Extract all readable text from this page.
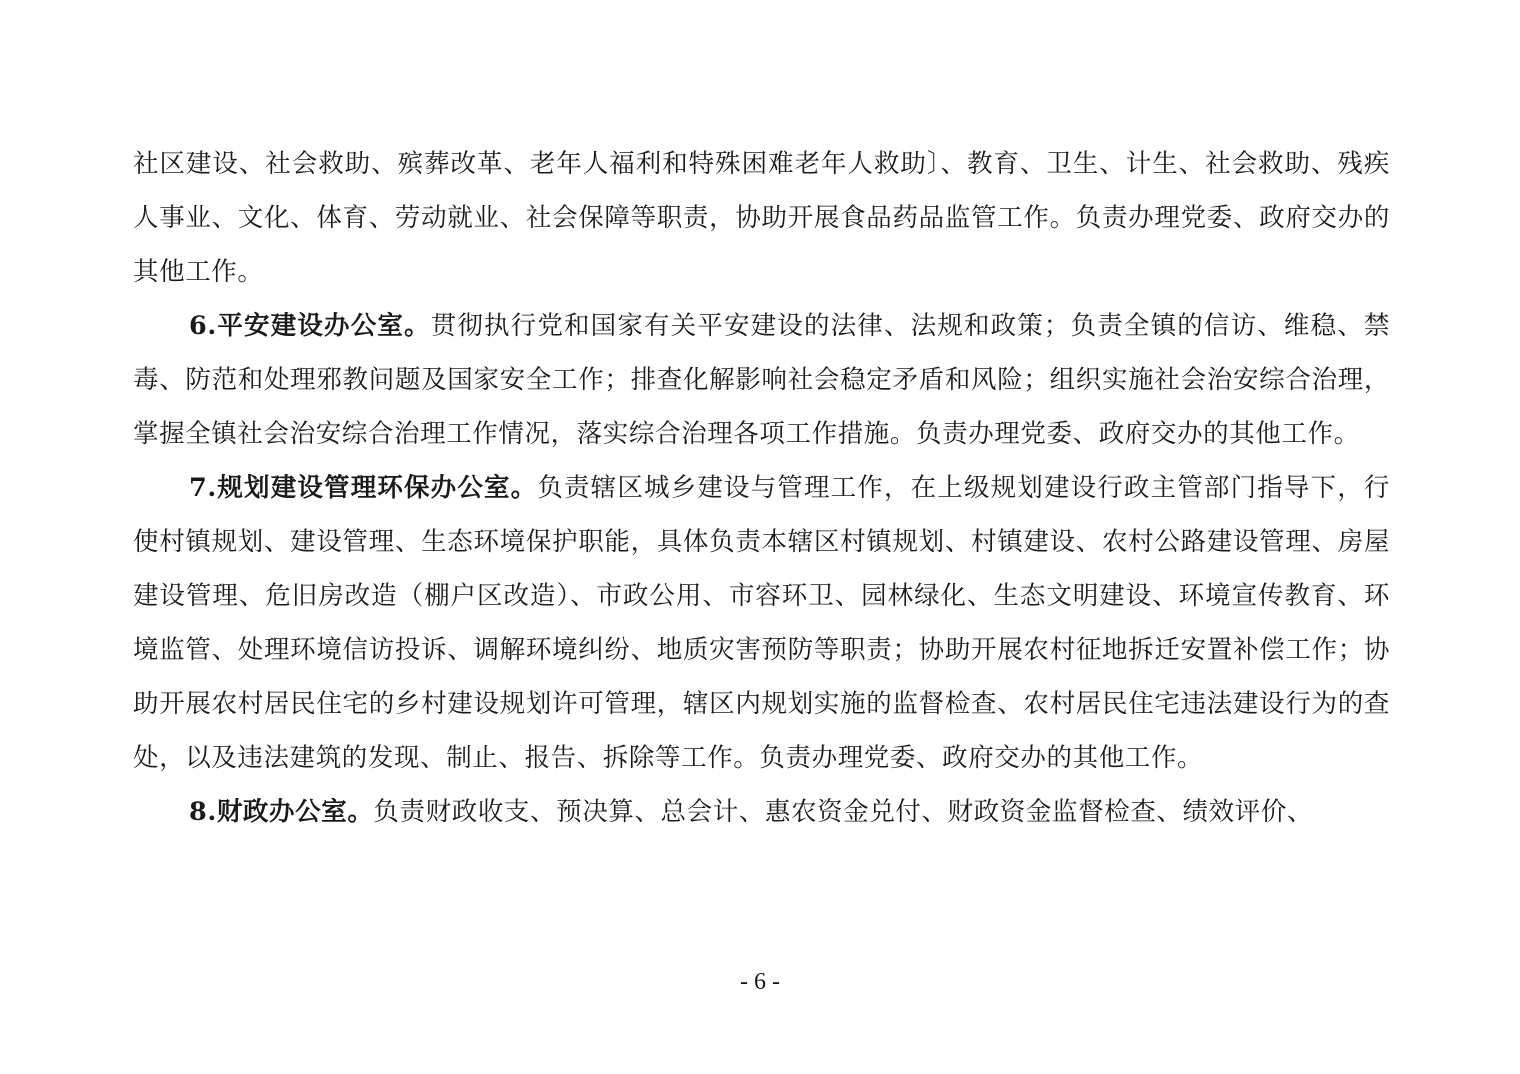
社区建设、社会救助、殡葬改革、老年人福利和特殊困难老年人救助〕、教育、卫生、计生、社会救助、残疾人事业、文化、体育、劳动就业、社会保障等职责，协助开展食品药品监管工作。负责办理党委、政府交办的其他工作。

6.平安建设办公室。贯彻执行党和国家有关平安建设的法律、法规和政策；负责全镇的信访、维稳、禁毒、防范和处理邪教问题及国家安全工作；排查化解影响社会稳定矛盾和风险；组织实施社会治安综合治理，掌握全镇社会治安综合治理工作情况，落实综合治理各项工作措施。负责办理党委、政府交办的其他工作。

7.规划建设管理环保办公室。负责辖区城乡建设与管理工作，在上级规划建设行政主管部门指导下，行使村镇规划、建设管理、生态环境保护职能，具体负责本辖区村镇规划、村镇建设、农村公路建设管理、房屋建设管理、危旧房改造（棚户区改造）、市政公用、市容环卫、园林绿化、生态文明建设、环境宣传教育、环境监管、处理环境信访投诉、调解环境纠纷、地质灾害预防等职责；协助开展农村征地拆迁安置补偿工作；协助开展农村居民住宅的乡村建设规划许可管理，辖区内规划实施的监督检查、农村居民住宅违法建设行为的查处，以及违法建筑的发现、制止、报告、拆除等工作。负责办理党委、政府交办的其他工作。

8.财政办公室。负责财政收支、预决算、总会计、惠农资金兑付、财政资金监督检查、绩效评价、

- 6 -
